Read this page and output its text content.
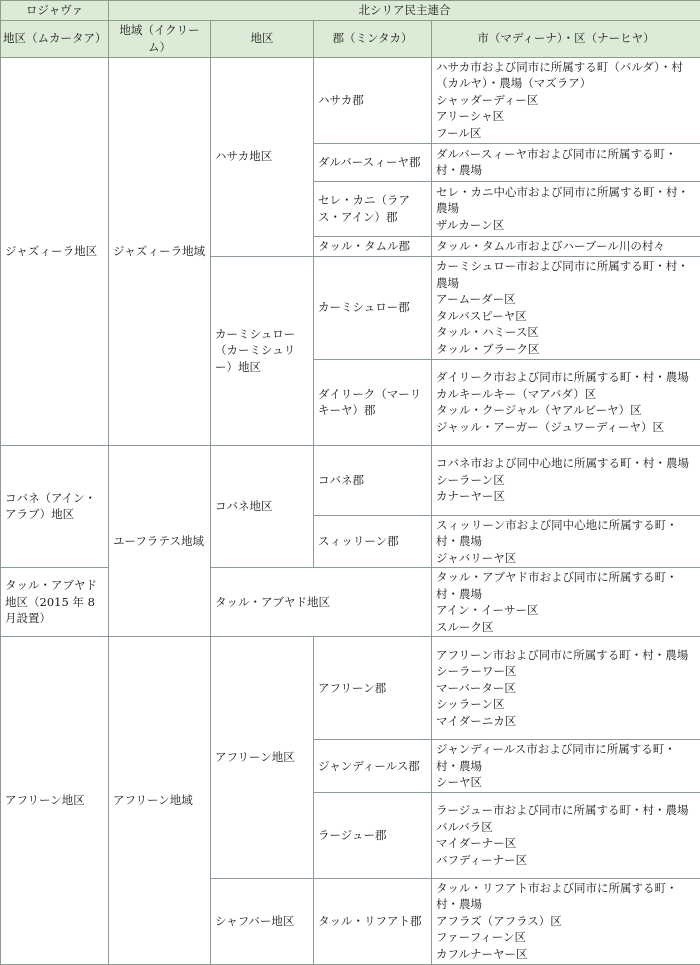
ロジャヴァ	北シリア民主連合			
地区（ムカータア）	地域（イクリーム）	地区	郡（ミンタカ）	市（マディーナ）・区（ナーヒヤ）
ジャズィーラ地区	ジャズィーラ地域	ハサカ地区	ハサカ郡	ハサカ市および同市に所属する町（バルダ）・村（カルヤ）・農場（マズラア）
シャッダーディー区
アリーシャ区
フール区

			ダルバースィーヤ郡	ダルバースィーヤ市および同市に所属する町・村・農場

			セレ・カニ（ラアス・アイン）郡	セレ・カニ中心市および同市に所属する町・村・農場
ザルカーン区

			タッル・タムル郡	タッル・タムル市およびハーブール川の村々

		カーミシュロー（カーミシュリー）地区	カーミシュロー郡	カーミシュロー市および同市に所属する町・村・農場
アームーダー区
タルバスピーヤ区
タッル・ハミース区
タッル・ブラーク区

			ダイリーク（マーリキーヤ）郡	ダイリーク市および同市に所属する町・村・農場
カルキールキー（マアバダ）区
タッル・クージャル（ヤアルビーヤ）区
ジャッル・アーガー（ジュワーディーヤ）区

コバネ（アイン・アラブ）地区	ユーフラテス地域	コバネ地区	コバネ郡	コバネ市および同中心地に所属する町・村・農場
シーラーン区
カナーヤー区

			スィッリーン郡	スィッリーン市および同中心地に所属する町・村・農場
ジャバリーヤ区

タッル・アブヤド地区（2015 年 8 月設置）		タッル・アブヤド地区		タッル・アブヤド市および同市に所属する町・村・農場
アイン・イーサー区
スルーク区

アフリーン地区	アフリーン地域	アフリーン地区	アフリーン郡	アフリーン市および同市に所属する町・村・農場
シーラーワー区
マーバーター区
シッラーン区
マイダーニカ区

			ジャンディールス郡	ジャンディールス市および同市に所属する町・村・農場
シーヤ区

			ラージュー郡	ラージュー市および同市に所属する町・村・農場
バルバラ区
マイダーナー区
バフディーナー区

		シャフバー地区	タッル・リフアト郡	タッル・リフアト市および同市に所属する町・村・農場
アフラズ（アフラス）区
ファーフィーン区
カフルナーヤー区
